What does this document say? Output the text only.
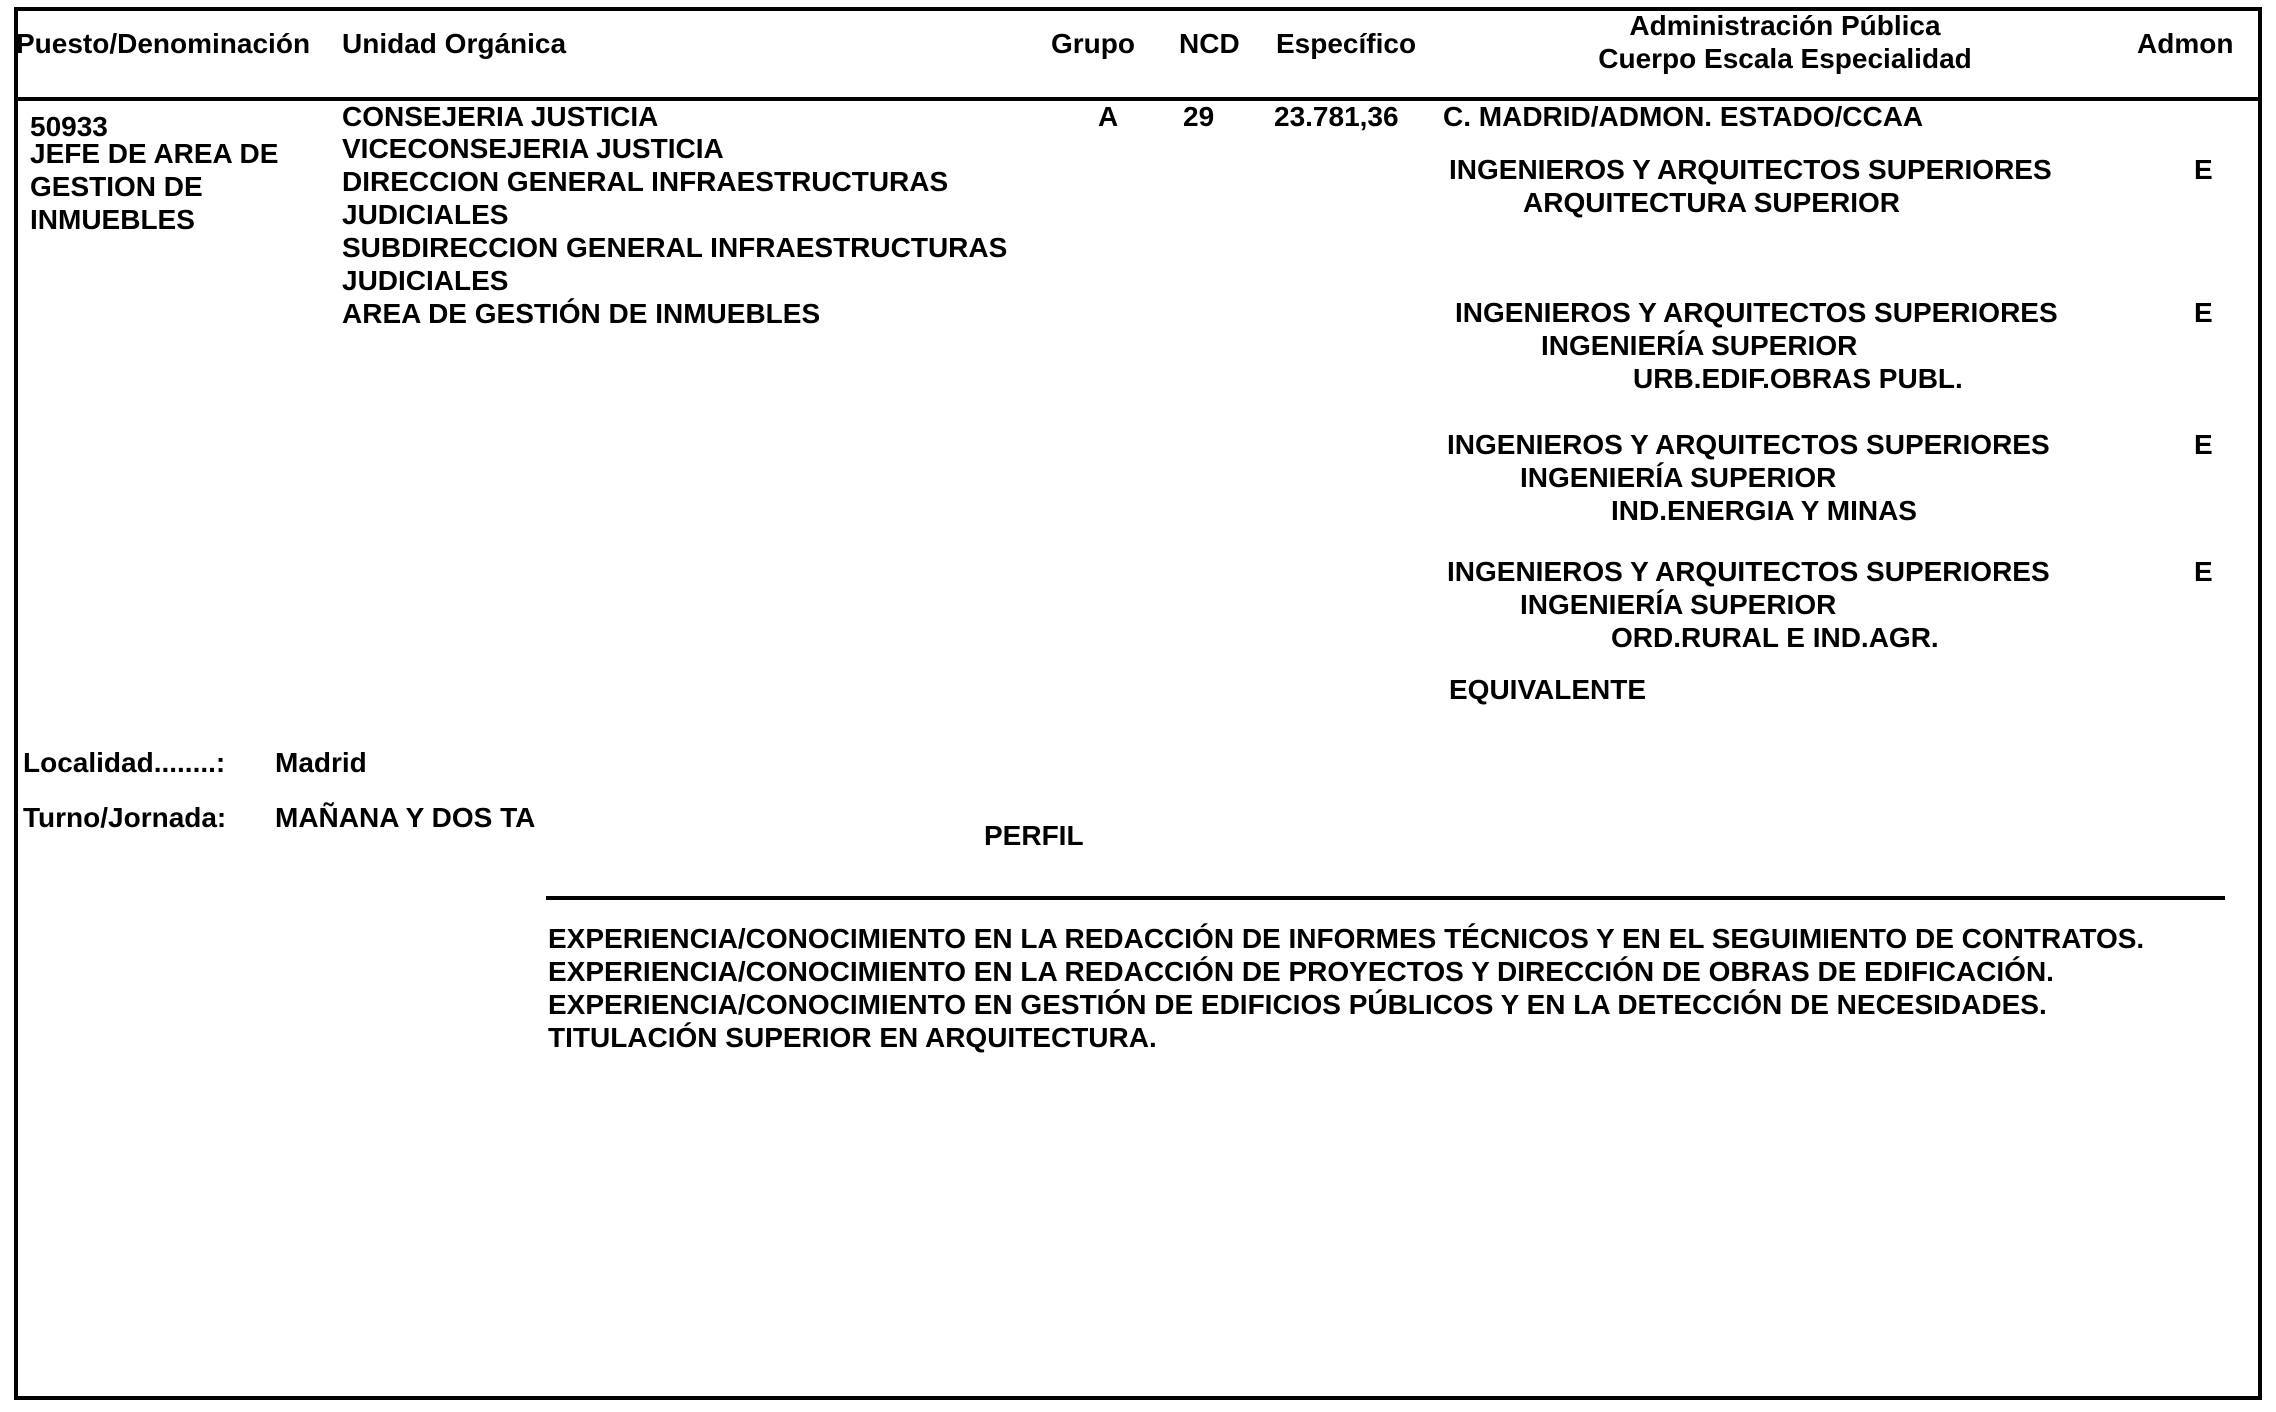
Puesto/Denominación Unidad Orgánica	Grupo NCD Específico
Administración Pública
Cuerpo Escala Especialidad	Admon
50933
JEFE DE AREA DE
GESTION DE
INMUEBLES
CONSEJERIA JUSTICIA
VICECONSEJERIA JUSTICIA
DIRECCION GENERAL INFRAESTRUCTURAS
JUDICIALES
SUBDIRECCION GENERAL INFRAESTRUCTURAS
JUDICIALES
AREA DE GESTIÓN DE INMUEBLES
A 29 23.781,36 C. MADRID/ADMON. ESTADO/CCAA
INGENIEROS Y ARQUITECTOS SUPERIORES
ARQUITECTURA SUPERIOR
E
INGENIEROS Y ARQUITECTOS SUPERIORES
INGENIERÍA SUPERIOR
URB.EDIF.OBRAS PUBL.
E
INGENIEROS Y ARQUITECTOS SUPERIORES
INGENIERÍA SUPERIOR
IND.ENERGIA Y MINAS
E
INGENIEROS Y ARQUITECTOS SUPERIORES
INGENIERÍA SUPERIOR
ORD.RURAL E IND.AGR.
E
EQUIVALENTE
Localidad........: Madrid
Turno/Jornada: MAÑANA Y DOS TA
PERFIL
EXPERIENCIA/CONOCIMIENTO EN LA REDACCIÓN DE INFORMES TÉCNICOS Y EN EL SEGUIMIENTO DE CONTRATOS.
EXPERIENCIA/CONOCIMIENTO EN LA REDACCIÓN DE PROYECTOS Y DIRECCIÓN DE OBRAS DE EDIFICACIÓN.
EXPERIENCIA/CONOCIMIENTO EN GESTIÓN DE EDIFICIOS PÚBLICOS Y EN LA DETECCIÓN DE NECESIDADES.
TITULACIÓN SUPERIOR EN ARQUITECTURA.
